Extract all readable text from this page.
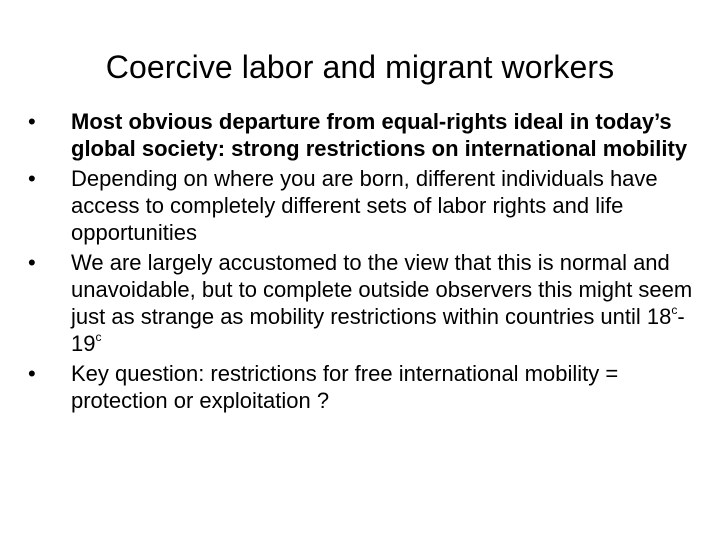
Coercive labor and migrant workers
•	Most obvious departure from equal-rights ideal in today’s global society: strong restrictions on international mobility
•	Depending on where you are born, different individuals have access to completely different sets of labor rights and life opportunities
•	We are largely accustomed to the view that this is normal and unavoidable, but to complete outside observers this might seem just as strange as mobility restrictions within countries until 18$^c$-19$^c$
•	Key question: restrictions for free international mobility = protection or exploitation ?
